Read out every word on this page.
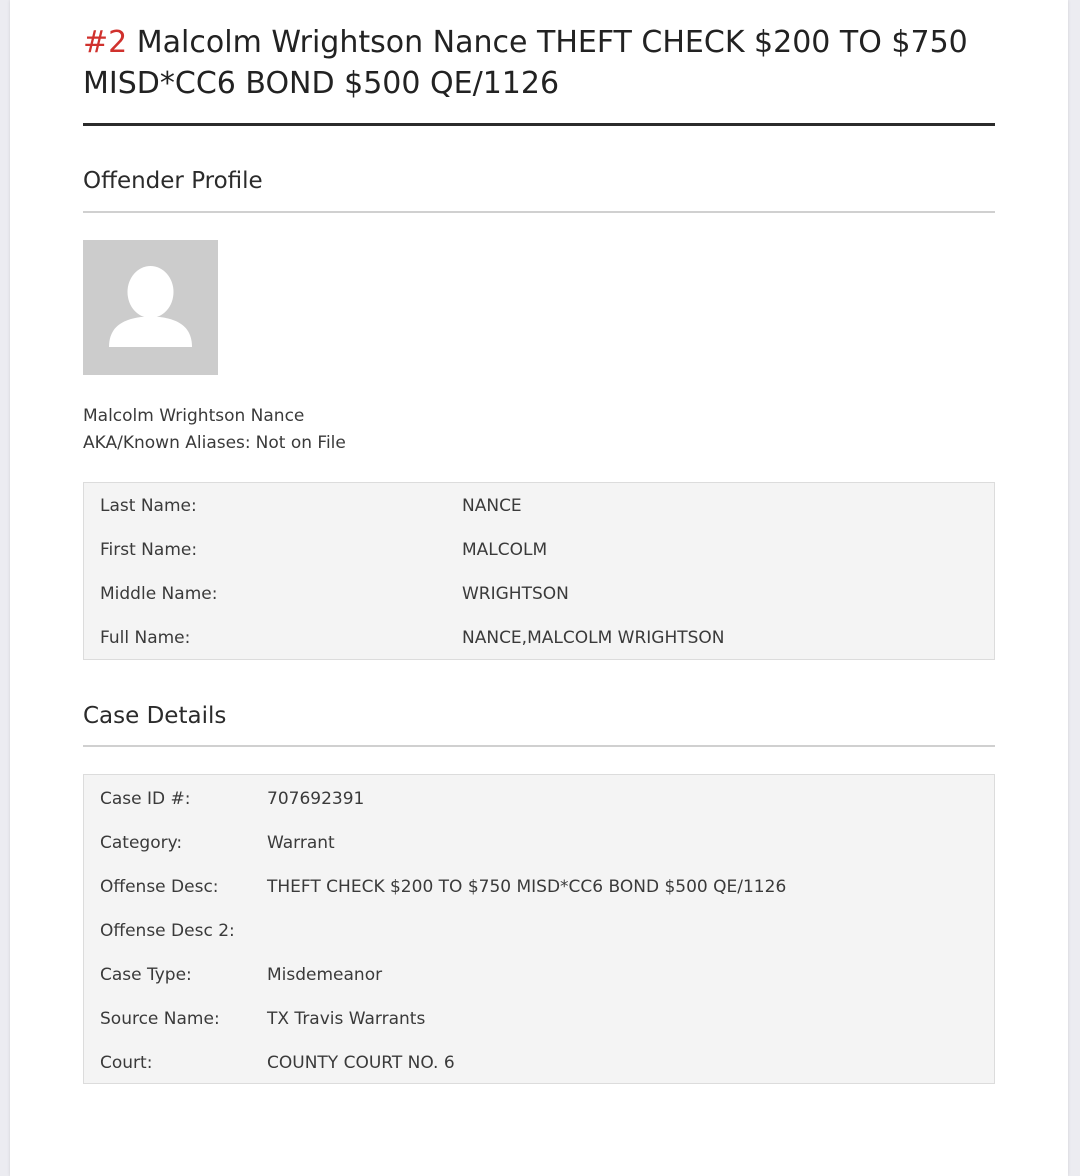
#2 Malcolm Wrightson Nance THEFT CHECK $200 TO $750 MISD*CC6 BOND $500 QE/1126
Offender Profile
Malcolm Wrightson Nance
AKA/Known Aliases: Not on File
Last Name:	NANCE
First Name:	MALCOLM
Middle Name:	WRIGHTSON
Full Name:	NANCE,MALCOLM WRIGHTSON
Case Details
Case ID #:	707692391
Category:	Warrant
Offense Desc:	THEFT CHECK $200 TO $750 MISD*CC6 BOND $500 QE/1126
Offense Desc 2:
Case Type:	Misdemeanor
Source Name:	TX Travis Warrants
Court:	COUNTY COURT NO. 6
